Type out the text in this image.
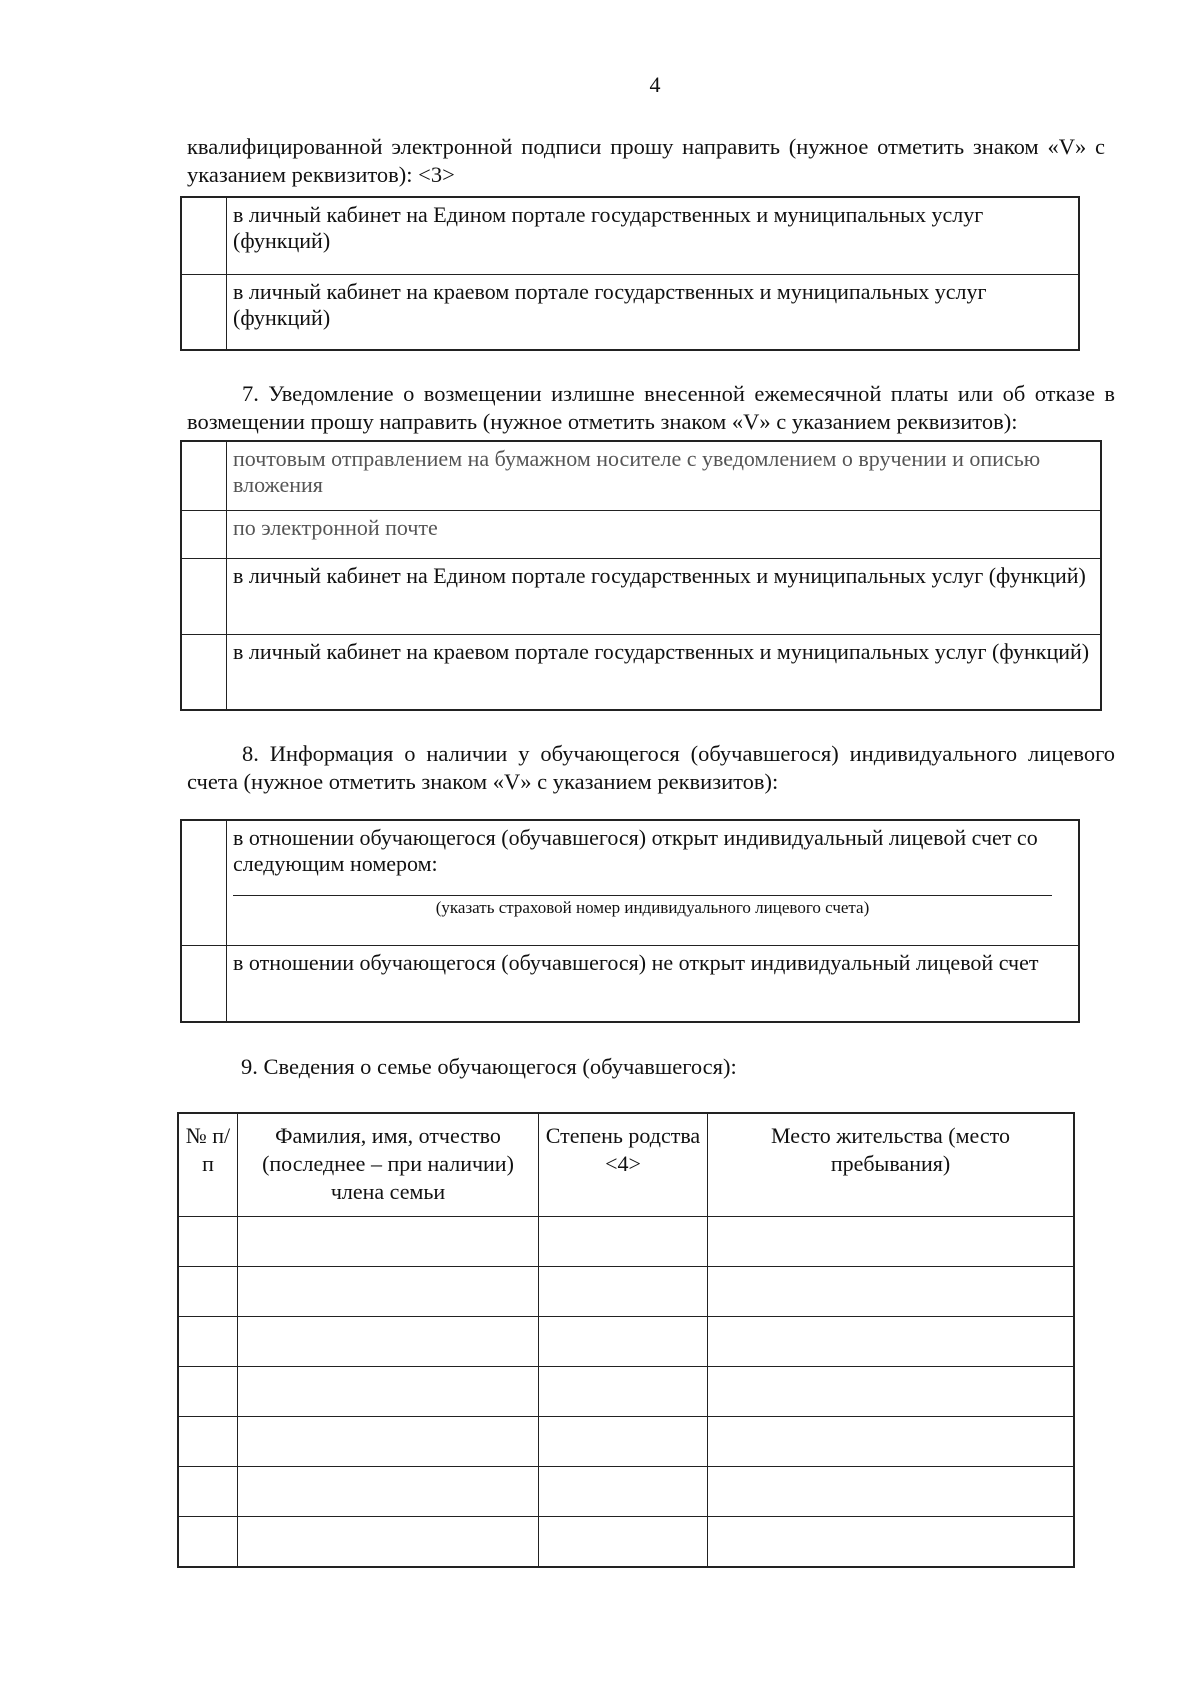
4
квалифицированной электронной подписи прошу направить (нужное отметить знаком «V» с указанием реквизитов): <3>
	в личный кабинет на Едином портале государственных и муниципальных услуг (функций)
	в личный кабинет на краевом портале государственных и муниципальных услуг (функций)
7. Уведомление о возмещении излишне внесенной ежемесячной платы или об отказе в возмещении прошу направить (нужное отметить знаком «V» с указанием реквизитов):
	почтовым отправлением на бумажном носителе с уведомлением о вручении и описью вложения
	по электронной почте
	в личный кабинет на Едином портале государственных и муниципальных услуг (функций)
	в личный кабинет на краевом портале государственных и муниципальных услуг (функций)
8. Информация о наличии у обучающегося (обучавшегося) индивидуального лицевого счета (нужное отметить знаком «V» с указанием реквизитов):

	в отношении обучающегося (обучавшегося) открыт индивидуальный лицевой счет со следующим номером:
(указать страховой номер индивидуального лицевого счета)

	в отношении обучающегося (обучавшегося) не открыт индивидуальный лицевой счет
9. Сведения о семье обучающегося (обучавшегося):
№ п/п	Фамилия, имя, отчество (последнее – при наличии) члена семьи	Степень родства <4>	Место жительства (место пребывания)
